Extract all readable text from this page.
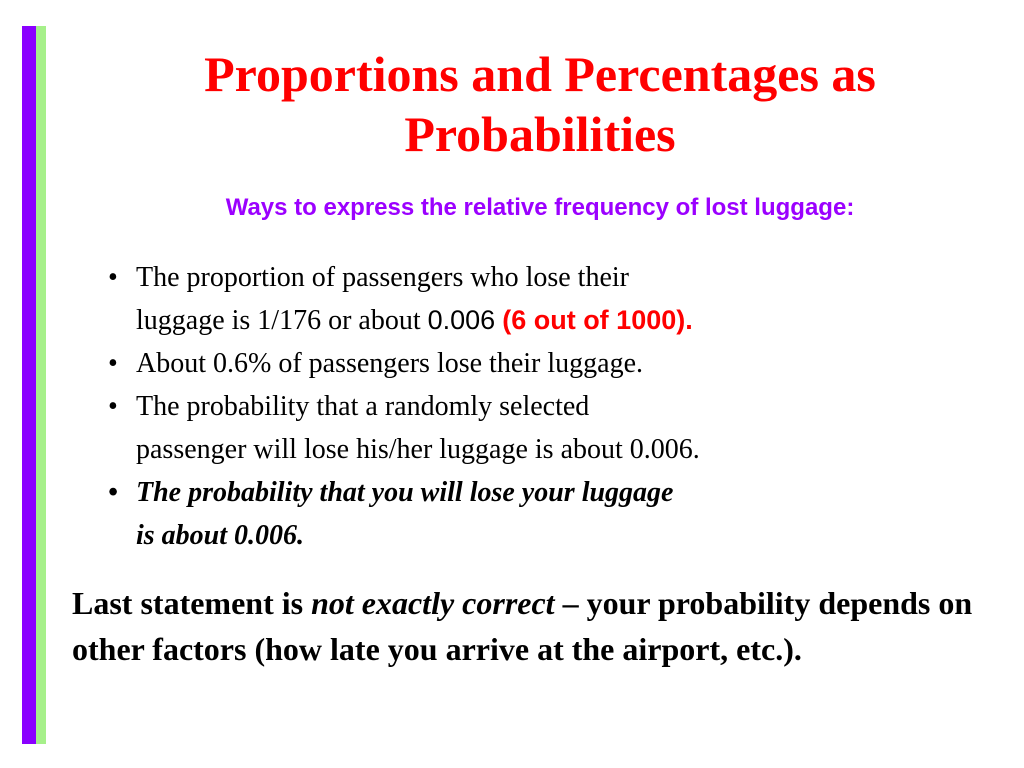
Proportions and Percentages as
Probabilities
Ways to express the relative frequency of lost luggage:
• The proportion of passengers who lose their
luggage is 1/176 or about 0.006 (6 out of 1000).
• About 0.6% of passengers lose their luggage.
• The probability that a randomly selected
passenger will lose his/her luggage is about 0.006.
• The probability that you will lose your luggage
is about 0.006.
Last statement is not exactly correct – your probability depends on other factors (how late you arrive at the airport, etc.).
